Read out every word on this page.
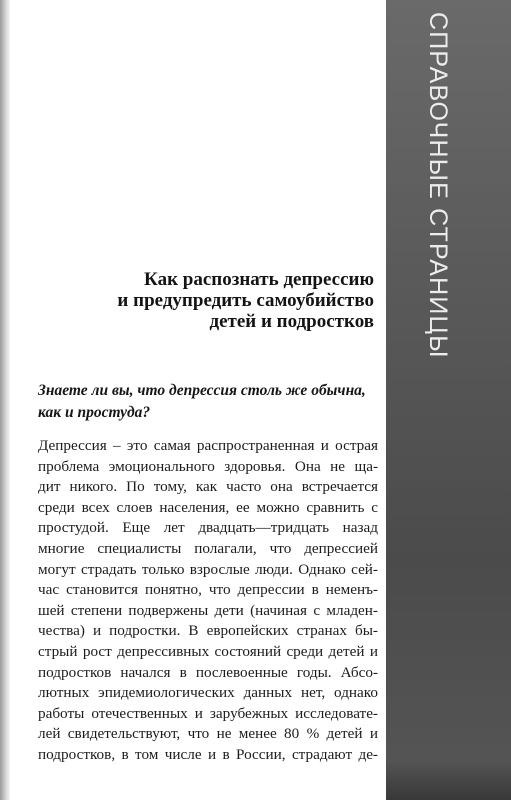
СПРАВОЧНЫЕ СТРАНИЦЫ
Как распознать депрессию
и предупредить самоубийство
детей и подростков
Знаете ли вы, что депрессия столь же обычна,
как и простуда?
Депрессия – это самая распространенная и острая
проблема эмоционального здоровья. Она не ща-
дит никого. По тому, как часто она встречается
среди всех слоев населения, ее можно сравнить с
простудой. Еще лет двадцать—тридцать назад
многие специалисты полагали, что депрессией
могут страдать только взрослые люди. Однако сей-
час становится понятно, что депрессии в неменъ-
шей степени подвержены дети (начиная с младен-
чества) и подростки. В европейских странах бы-
стрый рост депрессивных состояний среди детей и
подростков начался в послевоенные годы. Абсо-
лютных эпидемиологических данных нет, однако
работы отечественных и зарубежных исследовате-
лей свидетельствуют, что не менее 80 % детей и
подростков, в том числе и в России, страдают де-
